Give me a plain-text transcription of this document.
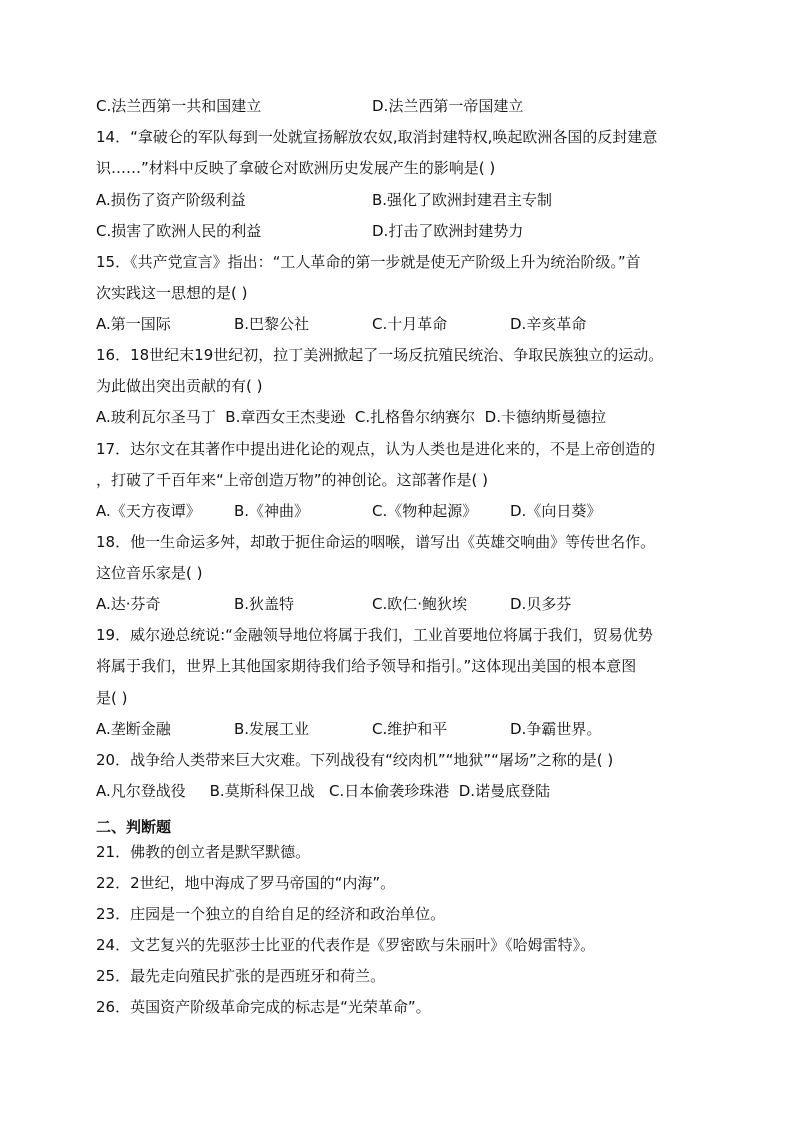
C.法兰西第一共和国建立	D.法兰西第一帝国建立
14．“拿破仑的军队每到一处就宣扬解放农奴,取消封建特权,唤起欧洲各国的反封建意
识……”材料中反映了拿破仑对欧洲历史发展产生的影响是( )
A.损伤了资产阶级利益	B.强化了欧洲封建君主专制
C.损害了欧洲人民的利益	D.打击了欧洲封建势力
15．《共产党宣言》指出：“工人革命的第一步就是使无产阶级上升为统治阶级。”首
次实践这一思想的是( )
A.第一国际	B.巴黎公社	C.十月革命	D.辛亥革命
16．18世纪末19世纪初，拉丁美洲掀起了一场反抗殖民统治、争取民族独立的运动。
为此做出突出贡献的有( )
A.玻利瓦尔圣马丁  B.章西女王杰斐逊  C.扎格鲁尔纳赛尔  D.卡德纳斯曼德拉
17．达尔文在其著作中提出进化论的观点，认为人类也是进化来的，不是上帝创造的
，打破了千百年来“上帝创造万物”的神创论。这部著作是( )
A.《天方夜谭》 B.《神曲》	C.《物种起源》 D.《向日葵》
18．他一生命运多舛，却敢于扼住命运的咽喉，谱写出《英雄交响曲》等传世名作。
这位音乐家是( )
A.达·芬奇	B.狄盖特	C.欧仁·鲍狄埃	D.贝多芬
19．威尔逊总统说:“金融领导地位将属于我们，工业首要地位将属于我们，贸易优势
将属于我们，世界上其他国家期待我们给予领导和指引。”这体现出美国的根本意图
是( )
A.垄断金融	B.发展工业	C.维护和平	D.争霸世界。
20．战争给人类带来巨大灾难。下列战役有“绞肉机”“地狱”“屠场”之称的是( )
A.凡尔登战役     B.莫斯科保卫战   C.日本偷袭珍珠港  D.诺曼底登陆
二、判断题
21．佛教的创立者是默罕默德。
22．2世纪，地中海成了罗马帝国的“内海”。
23．庄园是一个独立的自给自足的经济和政治单位。
24．文艺复兴的先驱莎士比亚的代表作是《罗密欧与朱丽叶》《哈姆雷特》。
25．最先走向殖民扩张的是西班牙和荷兰。
26．英国资产阶级革命完成的标志是“光荣革命”。
